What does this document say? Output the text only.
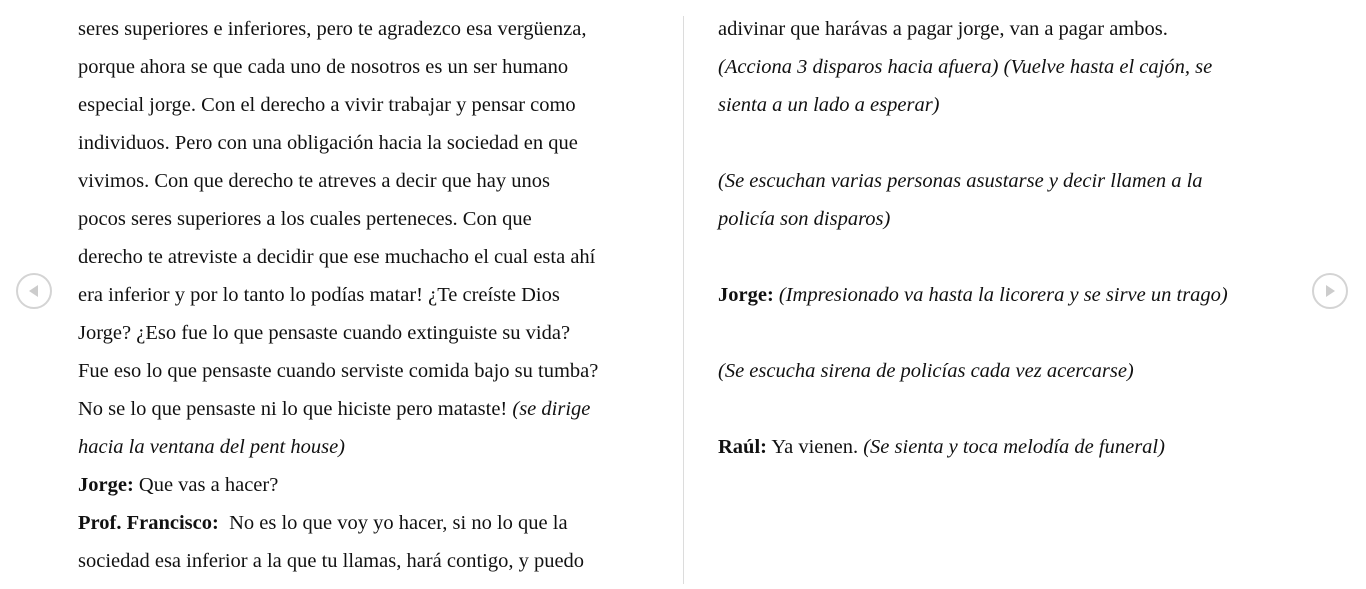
seres superiores e inferiores, pero te agradezco esa vergüenza,
porque ahora se que cada uno de nosotros es un ser humano
especial jorge. Con el derecho a vivir trabajar y pensar como
individuos. Pero con una obligación hacia la sociedad en que
vivimos. Con que derecho te atreves a decir que hay unos
pocos seres superiores a los cuales perteneces. Con que
derecho te atreviste a decidir que ese muchacho el cual esta ahí
era inferior y por lo tanto lo podías matar! ¿Te creíste Dios
Jorge? ¿Eso fue lo que pensaste cuando extinguiste su vida?
Fue eso lo que pensaste cuando serviste comida bajo su tumba?
No se lo que pensaste ni lo que hiciste pero mataste! (se dirige
hacia la ventana del pent house)
Jorge: Que vas a hacer?
Prof. Francisco:  No es lo que voy yo hacer, si no lo que la
sociedad esa inferior a la que tu llamas, hará contigo, y puedo
adivinar que harávas a pagar jorge, van a pagar ambos.
(Acciona 3 disparos hacia afuera) (Vuelve hasta el cajón, se
sienta a un lado a esperar)
(Se escuchan varias personas asustarse y decir llamen a la
policía son disparos)
Jorge: (Impresionado va hasta la licorera y se sirve un trago)
(Se escucha sirena de policías cada vez acercarse)
Raúl: Ya vienen. (Se sienta y toca melodía de funeral)
